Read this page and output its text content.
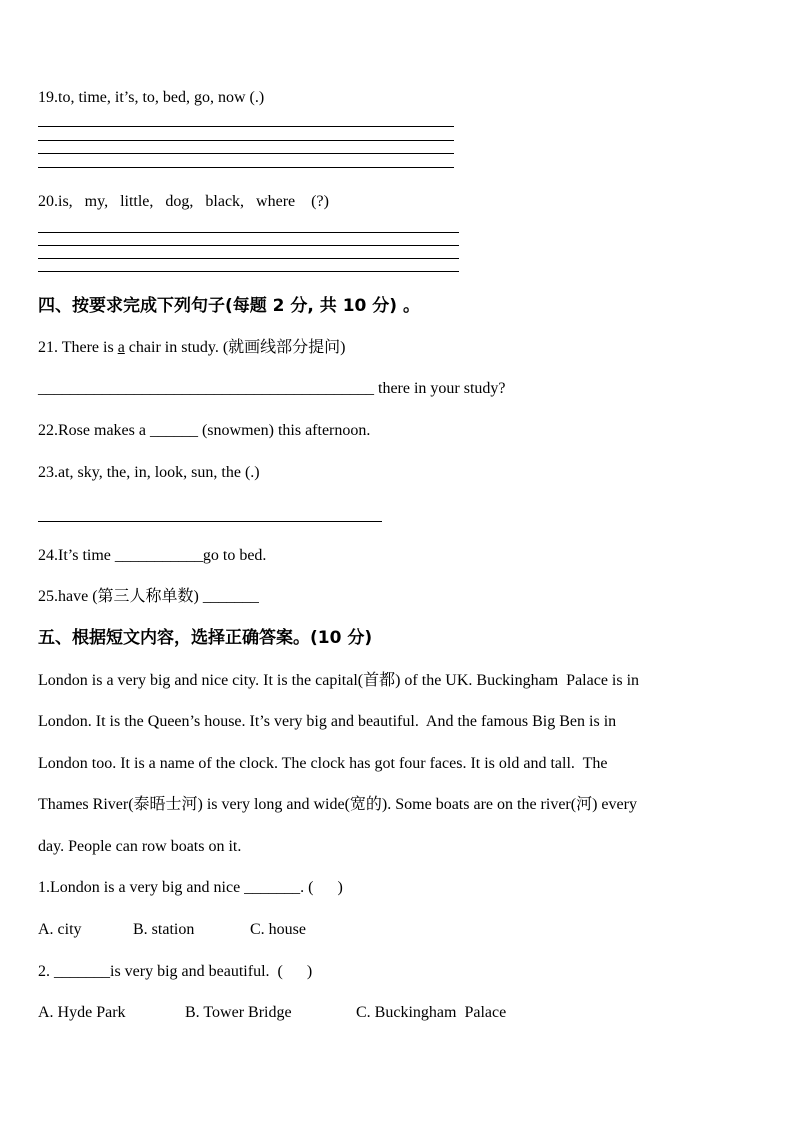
19.to, time, it’s, to, bed, go, now (.)
20.is,   my,   little,   dog,   black,   where    (?)
四、按要求完成下列句子(每题 2 分, 共 10 分) 。
21. There is a chair in study. (就画线部分提问)
__________________________________________ there in your study?
22.Rose makes a ______ (snowmen) this afternoon.
23.at, sky, the, in, look, sun, the (.)
24.It’s time ___________go to bed.
25.have (第三人称单数) _______
五、根据短文内容，选择正确答案。(10 分)
London is a very big and nice city. It is the capital(首都) of the UK. Buckingham  Palace is in
London. It is the Queen’s house. It’s very big and beautiful.  And the famous Big Ben is in
London too. It is a name of the clock. The clock has got four faces. It is old and tall.  The
Thames River(泰晤士河) is very long and wide(宽的). Some boats are on the river(河) every
day. People can row boats on it.
1.London is a very big and nice _______. (      )
A. city	B. station	C. house
2. _______is very big and beautiful.  (      )
A. Hyde Park	B. Tower Bridge	C. Buckingham  Palace
